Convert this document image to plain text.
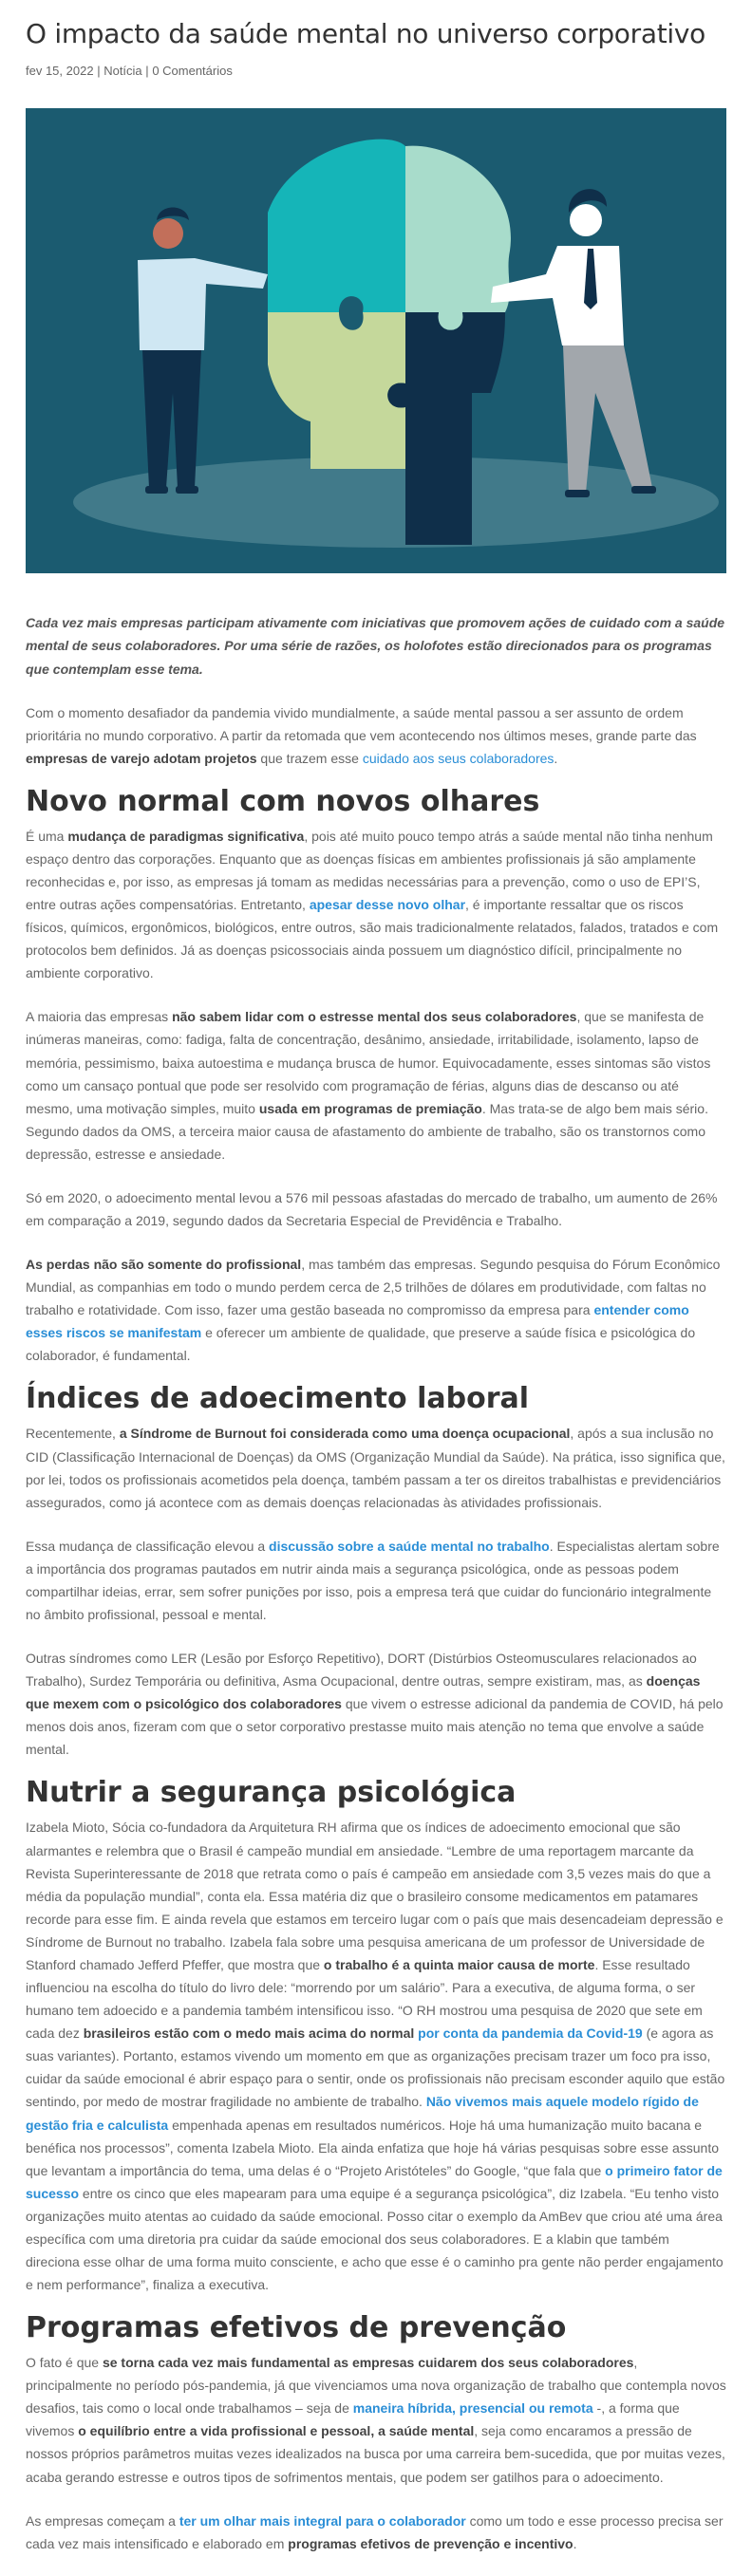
O impacto da saúde mental no universo corporativo
fev 15, 2022 | Notícia | 0 Comentários

Cada vez mais empresas participam ativamente com iniciativas que promovem ações de cuidado com a saúde mental de seus colaboradores. Por uma série de razões, os holofotes estão direcionados para os programas que contemplam esse tema.

Com o momento desafiador da pandemia vivido mundialmente, a saúde mental passou a ser assunto de ordem prioritária no mundo corporativo. A partir da retomada que vem acontecendo nos últimos meses, grande parte das empresas de varejo adotam projetos que trazem esse cuidado aos seus colaboradores.

Novo normal com novos olhares

É uma mudança de paradigmas significativa, pois até muito pouco tempo atrás a saúde mental não tinha nenhum espaço dentro das corporações. Enquanto que as doenças físicas em ambientes profissionais já são amplamente reconhecidas e, por isso, as empresas já tomam as medidas necessárias para a prevenção, como o uso de EPI’S, entre outras ações compensatórias. Entretanto, apesar desse novo olhar, é importante ressaltar que os riscos físicos, químicos, ergonômicos, biológicos, entre outros, são mais tradicionalmente relatados, falados, tratados e com protocolos bem definidos. Já as doenças psicossociais ainda possuem um diagnóstico difícil, principalmente no ambiente corporativo.

A maioria das empresas não sabem lidar com o estresse mental dos seus colaboradores, que se manifesta de inúmeras maneiras, como: fadiga, falta de concentração, desânimo, ansiedade, irritabilidade, isolamento, lapso de memória, pessimismo, baixa autoestima e mudança brusca de humor. Equivocadamente, esses sintomas são vistos como um cansaço pontual que pode ser resolvido com programação de férias, alguns dias de descanso ou até mesmo, uma motivação simples, muito usada em programas de premiação. Mas trata-se de algo bem mais sério. Segundo dados da OMS, a terceira maior causa de afastamento do ambiente de trabalho, são os transtornos como depressão, estresse e ansiedade.

Só em 2020, o adoecimento mental levou a 576 mil pessoas afastadas do mercado de trabalho, um aumento de 26% em comparação a 2019, segundo dados da Secretaria Especial de Previdência e Trabalho.

As perdas não são somente do profissional, mas também das empresas. Segundo pesquisa do Fórum Econômico Mundial, as companhias em todo o mundo perdem cerca de 2,5 trilhões de dólares em produtividade, com faltas no trabalho e rotatividade. Com isso, fazer uma gestão baseada no compromisso da empresa para entender como esses riscos se manifestam e oferecer um ambiente de qualidade, que preserve a saúde física e psicológica do colaborador, é fundamental.

Índices de adoecimento laboral

Recentemente, a Síndrome de Burnout foi considerada como uma doença ocupacional, após a sua inclusão no CID (Classificação Internacional de Doenças) da OMS (Organização Mundial da Saúde). Na prática, isso significa que, por lei, todos os profissionais acometidos pela doença, também passam a ter os direitos trabalhistas e previdenciários assegurados, como já acontece com as demais doenças relacionadas às atividades profissionais.

Essa mudança de classificação elevou a discussão sobre a saúde mental no trabalho. Especialistas alertam sobre a importância dos programas pautados em nutrir ainda mais a segurança psicológica, onde as pessoas podem compartilhar ideias, errar, sem sofrer punições por isso, pois a empresa terá que cuidar do funcionário integralmente no âmbito profissional, pessoal e mental.

Outras síndromes como LER (Lesão por Esforço Repetitivo), DORT (Distúrbios Osteomusculares relacionados ao Trabalho), Surdez Temporária ou definitiva, Asma Ocupacional, dentre outras, sempre existiram, mas, as doenças que mexem com o psicológico dos colaboradores que vivem o estresse adicional da pandemia de COVID, há pelo menos dois anos, fizeram com que o setor corporativo prestasse muito mais atenção no tema que envolve a saúde mental.

Nutrir a segurança psicológica

Izabela Mioto, Sócia co-fundadora da Arquitetura RH afirma que os índices de adoecimento emocional que são alarmantes e relembra que o Brasil é campeão mundial em ansiedade. “Lembre de uma reportagem marcante da Revista Superinteressante de 2018 que retrata como o país é campeão em ansiedade com 3,5 vezes mais do que a média da população mundial”, conta ela. Essa matéria diz que o brasileiro consome medicamentos em patamares recorde para esse fim. E ainda revela que estamos em terceiro lugar com o país que mais desencadeiam depressão e Síndrome de Burnout no trabalho. Izabela fala sobre uma pesquisa americana de um professor de Universidade de Stanford chamado Jefferd Pfeffer, que mostra que o trabalho é a quinta maior causa de morte. Esse resultado influenciou na escolha do título do livro dele: “morrendo por um salário”. Para a executiva, de alguma forma, o ser humano tem adoecido e a pandemia também intensificou isso. “O RH mostrou uma pesquisa de 2020 que sete em cada dez brasileiros estão com o medo mais acima do normal por conta da pandemia da Covid-19 (e agora as suas variantes). Portanto, estamos vivendo um momento em que as organizações precisam trazer um foco pra isso, cuidar da saúde emocional é abrir espaço para o sentir, onde os profissionais não precisam esconder aquilo que estão sentindo, por medo de mostrar fragilidade no ambiente de trabalho. Não vivemos mais aquele modelo rígido de gestão fria e calculista empenhada apenas em resultados numéricos. Hoje há uma humanização muito bacana e benéfica nos processos”, comenta Izabela Mioto. Ela ainda enfatiza que hoje há várias pesquisas sobre esse assunto que levantam a importância do tema, uma delas é o “Projeto Aristóteles” do Google, “que fala que o primeiro fator de sucesso entre os cinco que eles mapearam para uma equipe é a segurança psicológica”, diz Izabela. “Eu tenho visto organizações muito atentas ao cuidado da saúde emocional. Posso citar o exemplo da AmBev que criou até uma área específica com uma diretoria pra cuidar da saúde emocional dos seus colaboradores. E a klabin que também direciona esse olhar de uma forma muito consciente, e acho que esse é o caminho pra gente não perder engajamento e nem performance”, finaliza a executiva.

Programas efetivos de prevenção

O fato é que se torna cada vez mais fundamental as empresas cuidarem dos seus colaboradores, principalmente no período pós-pandemia, já que vivenciamos uma nova organização de trabalho que contempla novos desafios, tais como o local onde trabalhamos – seja de maneira híbrida, presencial ou remota -, a forma que vivemos o equilíbrio entre a vida profissional e pessoal, a saúde mental, seja como encaramos a pressão de nossos próprios parâmetros muitas vezes idealizados na busca por uma carreira bem-sucedida, que por muitas vezes, acaba gerando estresse e outros tipos de sofrimentos mentais, que podem ser gatilhos para o adoecimento.

As empresas começam a ter um olhar mais integral para o colaborador como um todo e esse processo precisa ser cada vez mais intensificado e elaborado em programas efetivos de prevenção e incentivo.
